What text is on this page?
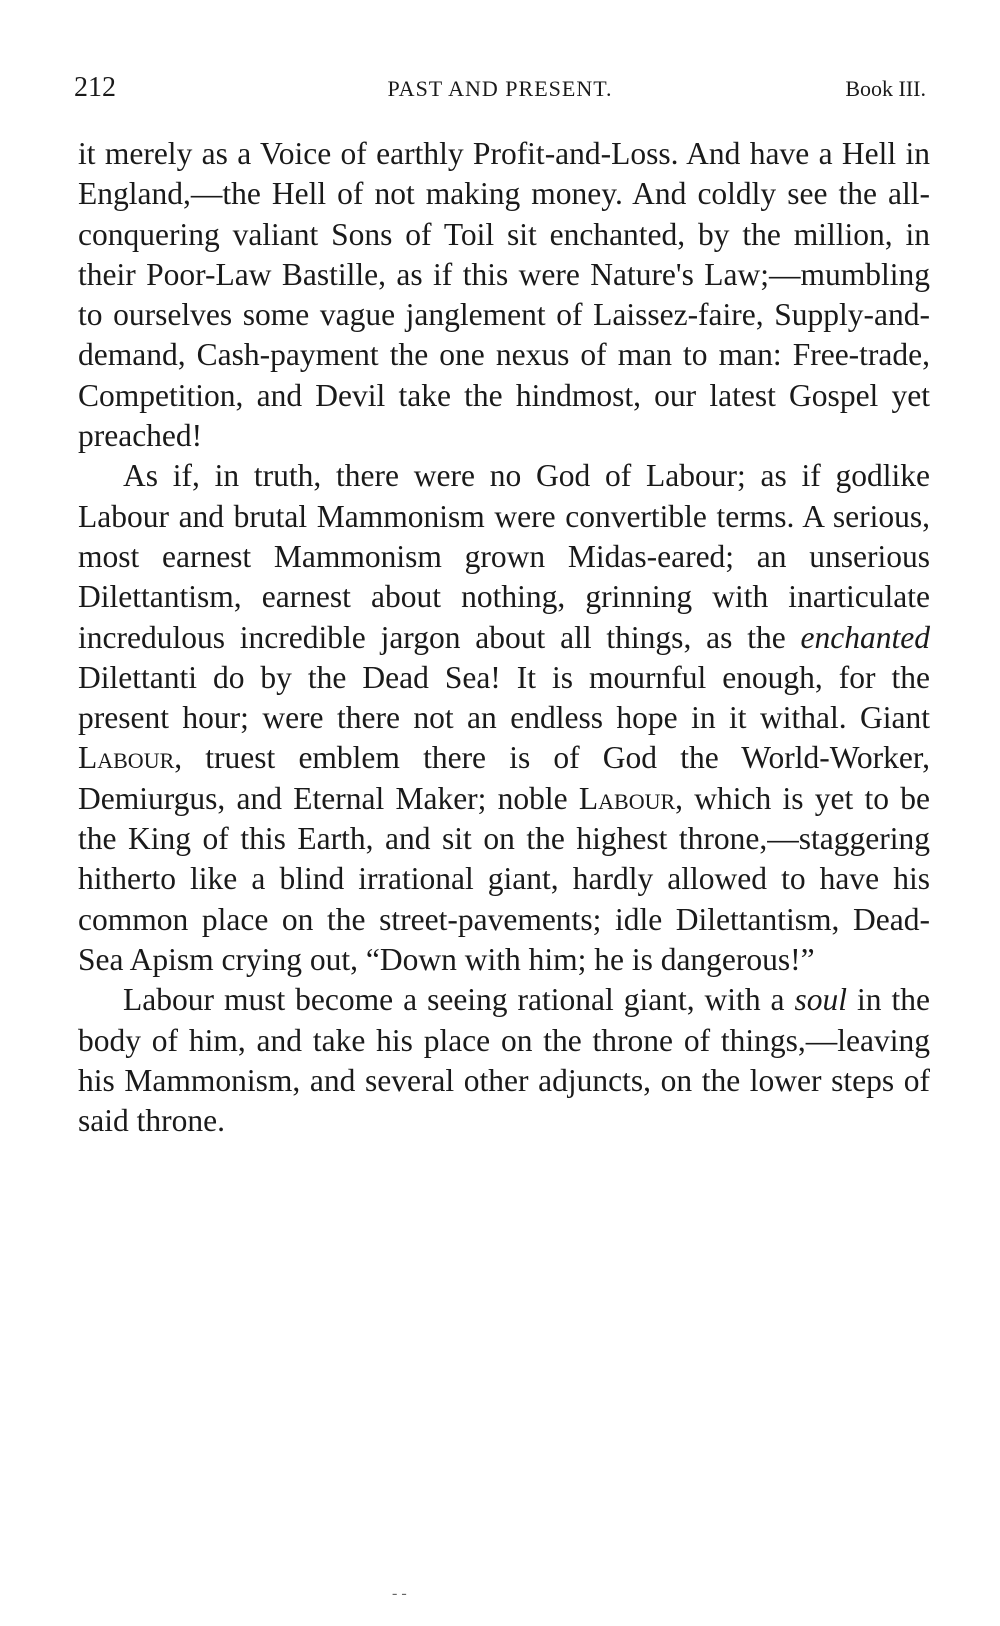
212	PAST AND PRESENT.	Book III.

it merely as a Voice of earthly Profit-and-Loss. And have a Hell in England,—the Hell of not making money. And coldly see the all-conquering valiant Sons of Toil sit enchanted, by the million, in their Poor-Law Bastille, as if this were Nature's Law;—mumbling to ourselves some vague janglement of Laissez-faire, Supply-and-demand, Cash-payment the one nexus of man to man: Free-trade, Competition, and Devil take the hindmost, our latest Gospel yet preached!

As if, in truth, there were no God of Labour; as if godlike Labour and brutal Mammonism were convertible terms. A serious, most earnest Mammonism grown Midas-eared; an unserious Dilettantism, earnest about nothing, grinning with inarticulate incredulous incredible jargon about all things, as the enchanted Dilettanti do by the Dead Sea! It is mournful enough, for the present hour; were there not an endless hope in it withal. Giant Labour, truest emblem there is of God the World-Worker, Demiurgus, and Eternal Maker; noble Labour, which is yet to be the King of this Earth, and sit on the highest throne,—staggering hitherto like a blind irrational giant, hardly allowed to have his common place on the street-pavements; idle Dilettantism, Dead-Sea Apism crying out, “Down with him; he is dangerous!”

Labour must become a seeing rational giant, with a soul in the body of him, and take his place on the throne of things,—leaving his Mammonism, and several other adjuncts, on the lower steps of said throne.

- -
